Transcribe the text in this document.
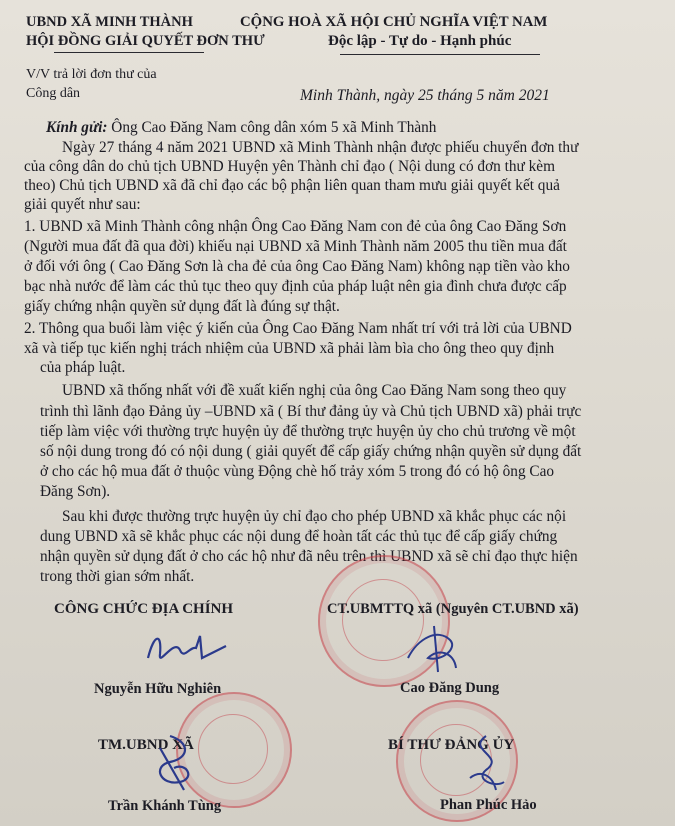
UBND XÃ MINH THÀNH
HỘI ĐỒNG GIẢI QUYẾT ĐƠN THƯ
CỘNG HOÀ XÃ HỘI CHỦ NGHĨA VIỆT NAM
Độc lập - Tự do - Hạnh phúc
V/V trả lời đơn thư của
Công dân	Minh Thành, ngày 25 tháng 5 năm 2021
Kính gửi: Ông Cao Đăng Nam công dân xóm 5 xã Minh Thành
Ngày 27 tháng 4 năm 2021 UBND xã Minh Thành nhận được phiếu chuyển đơn thư
của công dân do chủ tịch UBND Huyện yên Thành chỉ đạo ( Nội dung có đơn thư kèm
theo) Chủ tịch UBND xã đã chỉ đạo các bộ phận liên quan tham mưu giải quyết kết quả
giải quyết như sau:
1. UBND xã Minh Thành công nhận Ông Cao Đăng Nam con đẻ của ông Cao Đăng Sơn
(Người mua đất đã qua đời) khiếu nại UBND xã Minh Thành năm 2005 thu tiền mua đất
ở đối với ông ( Cao Đăng Sơn là cha đẻ của ông Cao Đăng Nam) không nạp tiền vào kho
bạc nhà nước để làm các thủ tục theo quy định của pháp luật nên gia đình chưa được cấp
giấy chứng nhận quyền sử dụng đất là đúng sự thật.
2. Thông qua buổi làm việc ý kiến của Ông Cao Đăng Nam nhất trí với trả lời của UBND
xã và tiếp tục kiến nghị trách nhiệm của UBND xã phải làm bìa cho ông theo quy định
của pháp luật.
UBND xã thống nhất với đề xuất kiến nghị của ông Cao Đăng Nam song theo quy
trình thì lãnh đạo Đảng ủy –UBND xã ( Bí thư đảng ủy và Chủ tịch UBND xã) phải trực
tiếp làm việc với thường trực huyện ủy để thường trực huyện ủy cho chủ trương về một
số nội dung trong đó có nội dung ( giải quyết để cấp giấy chứng nhận quyền sử dụng đất
ở cho các hộ mua đất ở thuộc vùng Động chè hố trảy xóm 5 trong đó có hộ ông Cao
Đăng Sơn).
Sau khi được thường trực huyện ủy chỉ đạo cho phép UBND xã khắc phục các nội
dung UBND xã sẽ khắc phục các nội dung để hoàn tất các thủ tục để cấp giấy chứng
nhận quyền sử dụng đất ở cho các hộ như đã nêu trên thì UBND xã sẽ chỉ đạo thực hiện
trong thời gian sớm nhất.
CÔNG CHỨC ĐỊA CHÍNH	CT.UBMTTQ xã (Nguyên CT.UBND xã)
Nguyễn Hữu Nghiên	Cao Đăng Dung
TM.UBND XÃ	BÍ THƯ ĐẢNG ỦY
Trần Khánh Tùng	Phan Phúc Hảo
